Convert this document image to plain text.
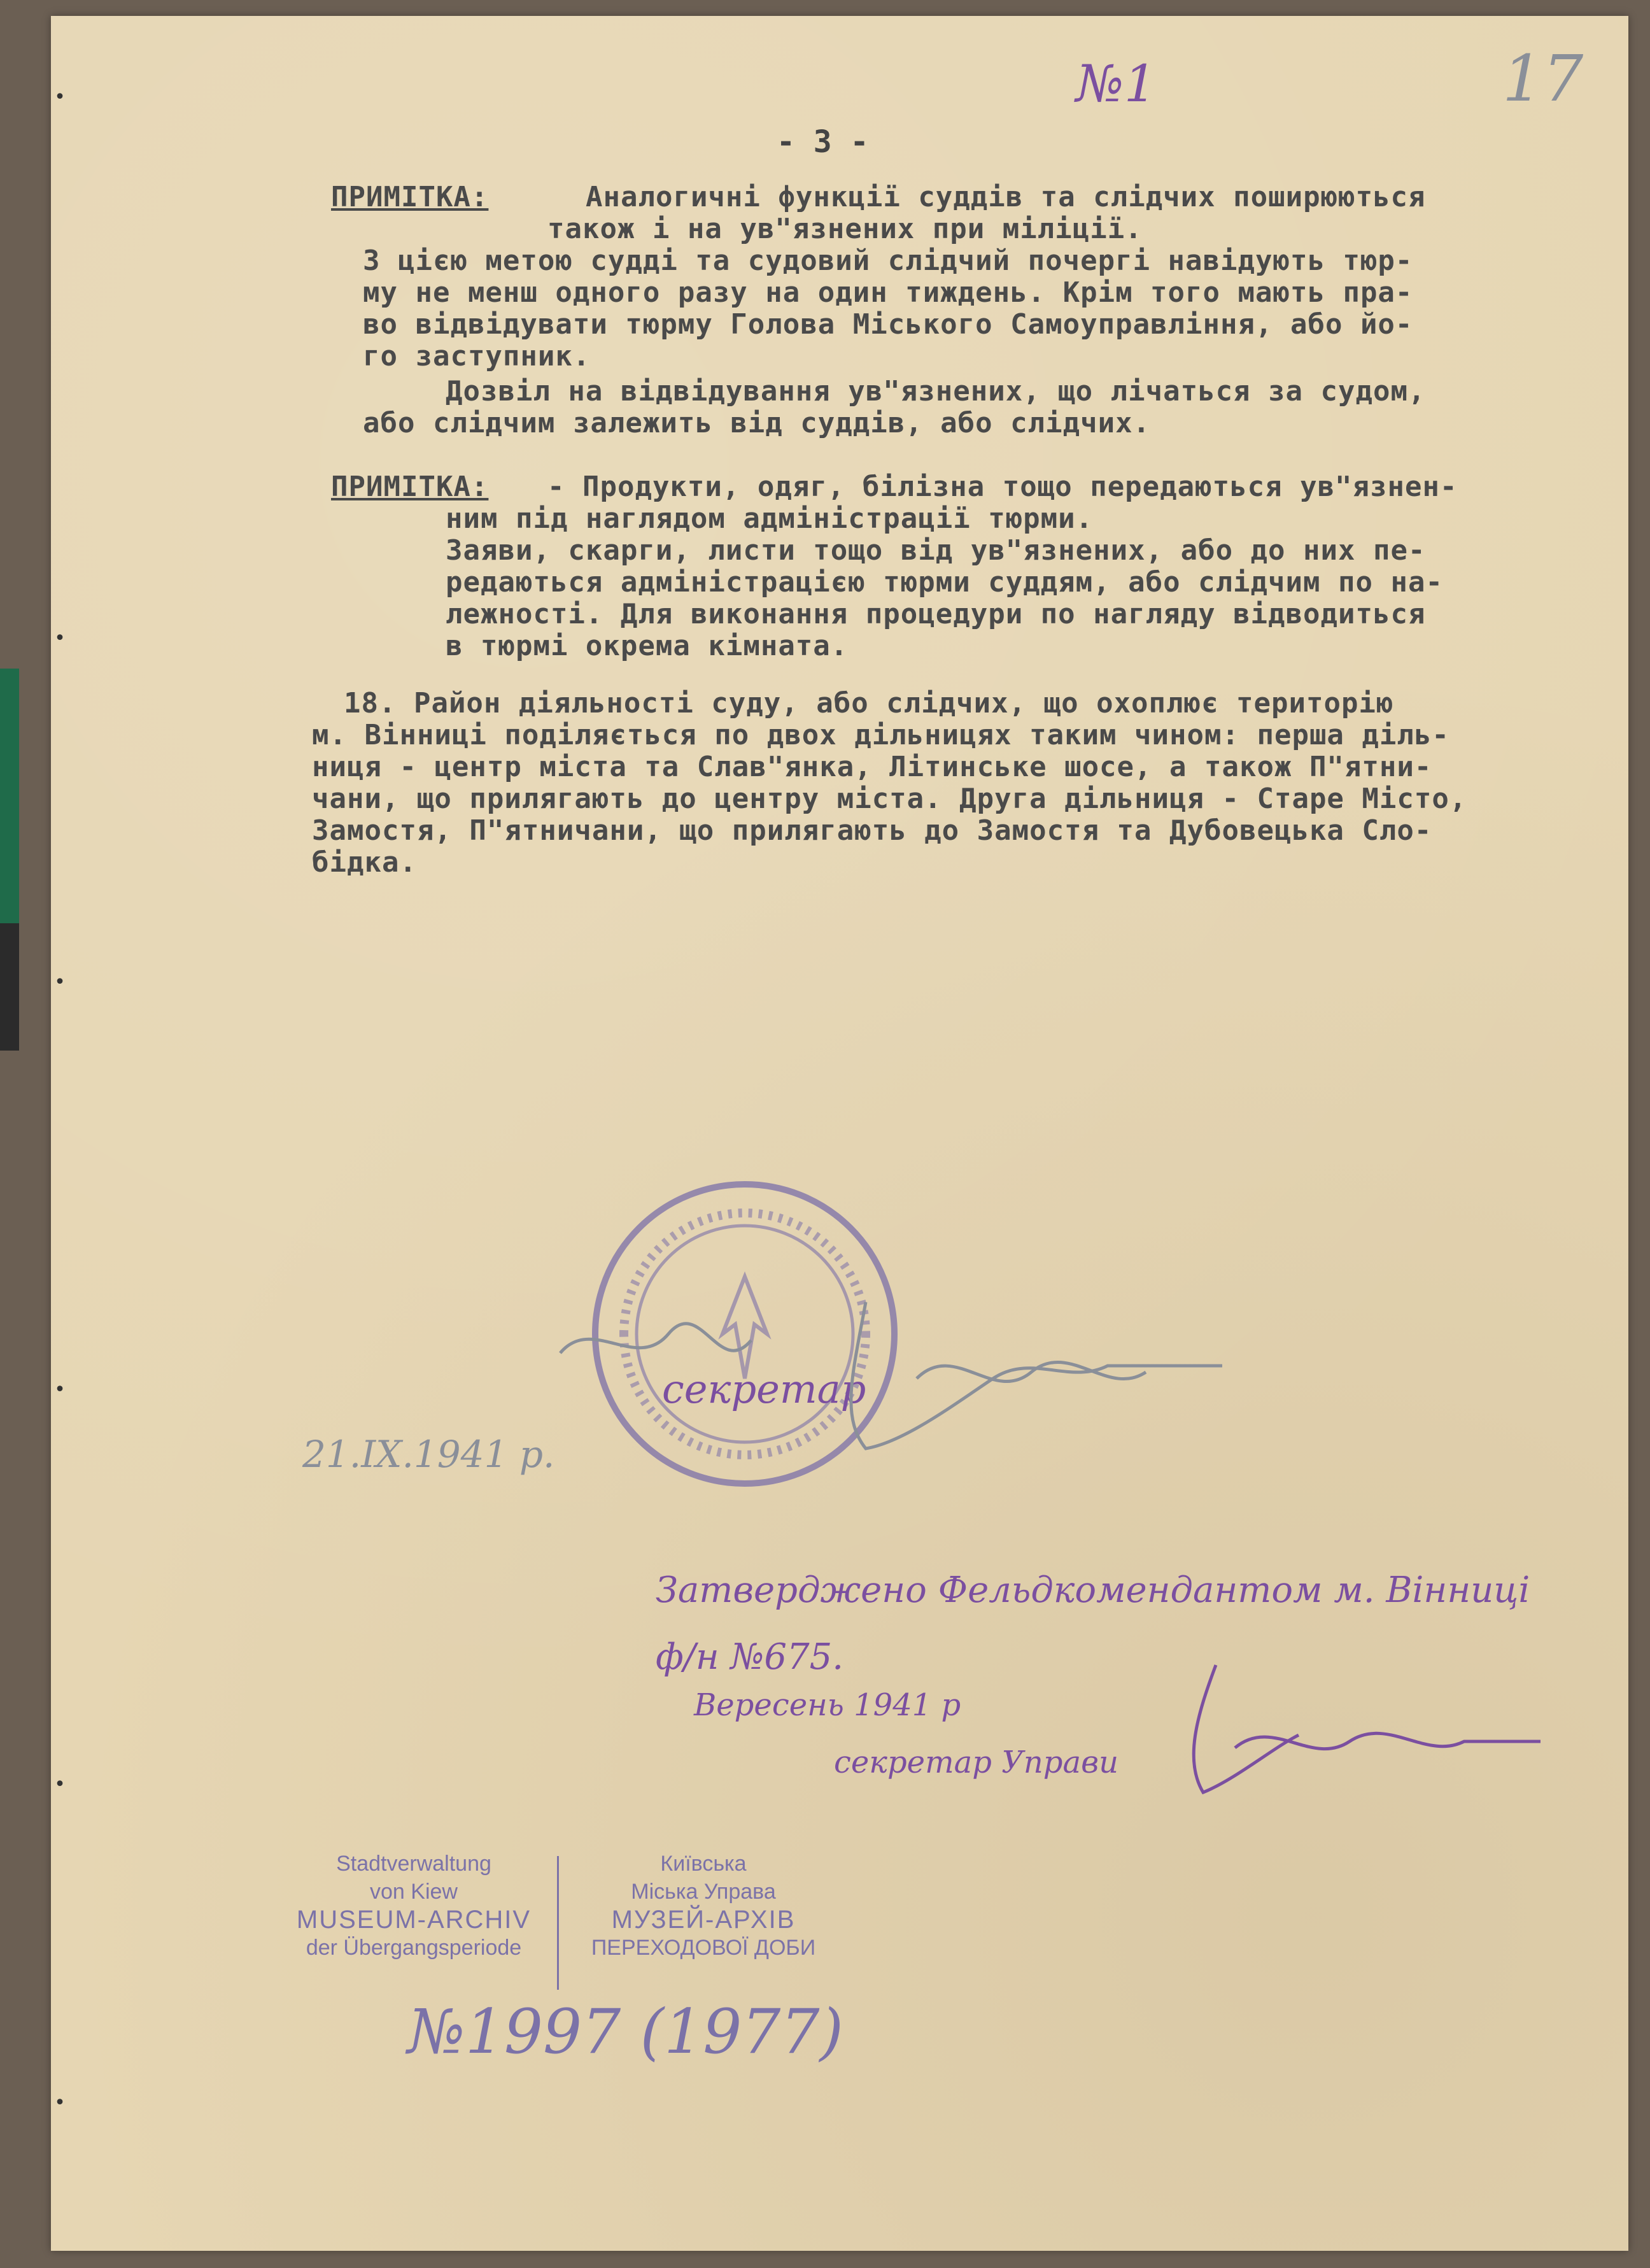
№1	17
- 3 -
ПРИМІТКА:	Аналогичні функції суддів та слідчих поширюються
також і на ув"язнених при міліції.
З цією метою судді та судовий слідчий почергі навідують тюр-
му не менш одного разу на один тиждень. Крім того мають пра-
во відвідувати тюрму Голова Міського Самоуправління, або йо-
го заступник.
Дозвіл на відвідування ув"язнених, що лічаться за судом,
або слідчим залежить від суддів, або слідчих.
ПРИМІТКА: - Продукти, одяг, білізна тощо передаються ув"язнен-
ним під наглядом адміністрації тюрми.
Заяви, скарги, листи тощо від ув"язнених, або до них пе-
редаються адміністрацією тюрми суддям, або слідчим по на-
лежності. Для виконання процедури по нагляду відводиться
в тюрмі окрема кімната.
18. Район діяльності суду, або слідчих, що охоплює територію
м. Вінниці поділяється по двох дільницях таким чином: перша діль-
ниця - центр міста та Слав"янка, Літинське шосе, а також П"ятни-
чани, що прилягають до центру міста. Друга дільниця - Старе Місто,
Замостя, П"ятничани, що прилягають до Замостя та Дубовецька Сло-
бідка.
секретар
21.IX.1941 р.
Затверджено Фельдкомендантом м. Вінниці
ф/н №675.
Вересень 1941 р
секретар Управи
Stadtverwaltung
von Kiew
MUSEUM-ARCHIV
der Übergangsperiode
Київська
Міська Управа
МУЗЕЙ-АРХІВ
ПЕРЕХОДОВОЇ ДОБИ
№1997 (1977)
•
•
•
•
•
•
